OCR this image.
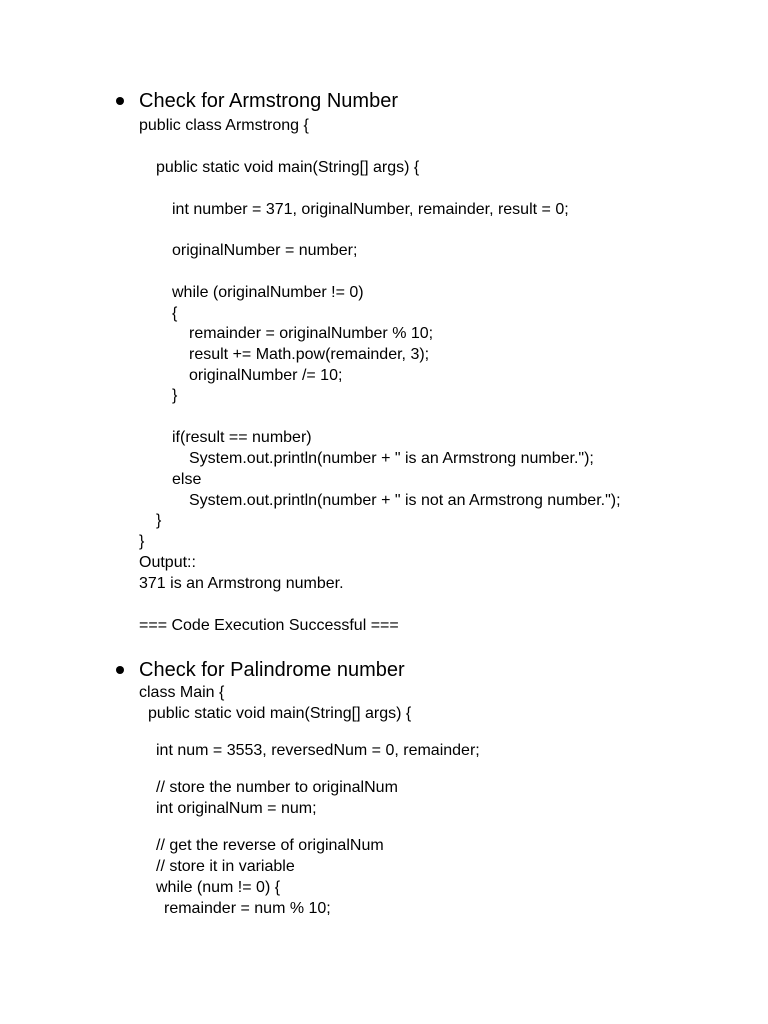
Check for Armstrong Number
public class Armstrong {
public static void main(String[] args) {
int number = 371, originalNumber, remainder, result = 0;
originalNumber = number;
while (originalNumber != 0)
{
remainder = originalNumber % 10;
result += Math.pow(remainder, 3);
originalNumber /= 10;
}
if(result == number)
System.out.println(number + " is an Armstrong number.");
else
System.out.println(number + " is not an Armstrong number.");
}
}
Output::
371 is an Armstrong number.
=== Code Execution Successful ===
Check for Palindrome number
class Main {
public static void main(String[] args) {
int num = 3553, reversedNum = 0, remainder;
// store the number to originalNum
int originalNum = num;
// get the reverse of originalNum
// store it in variable
while (num != 0) {
remainder = num % 10;
